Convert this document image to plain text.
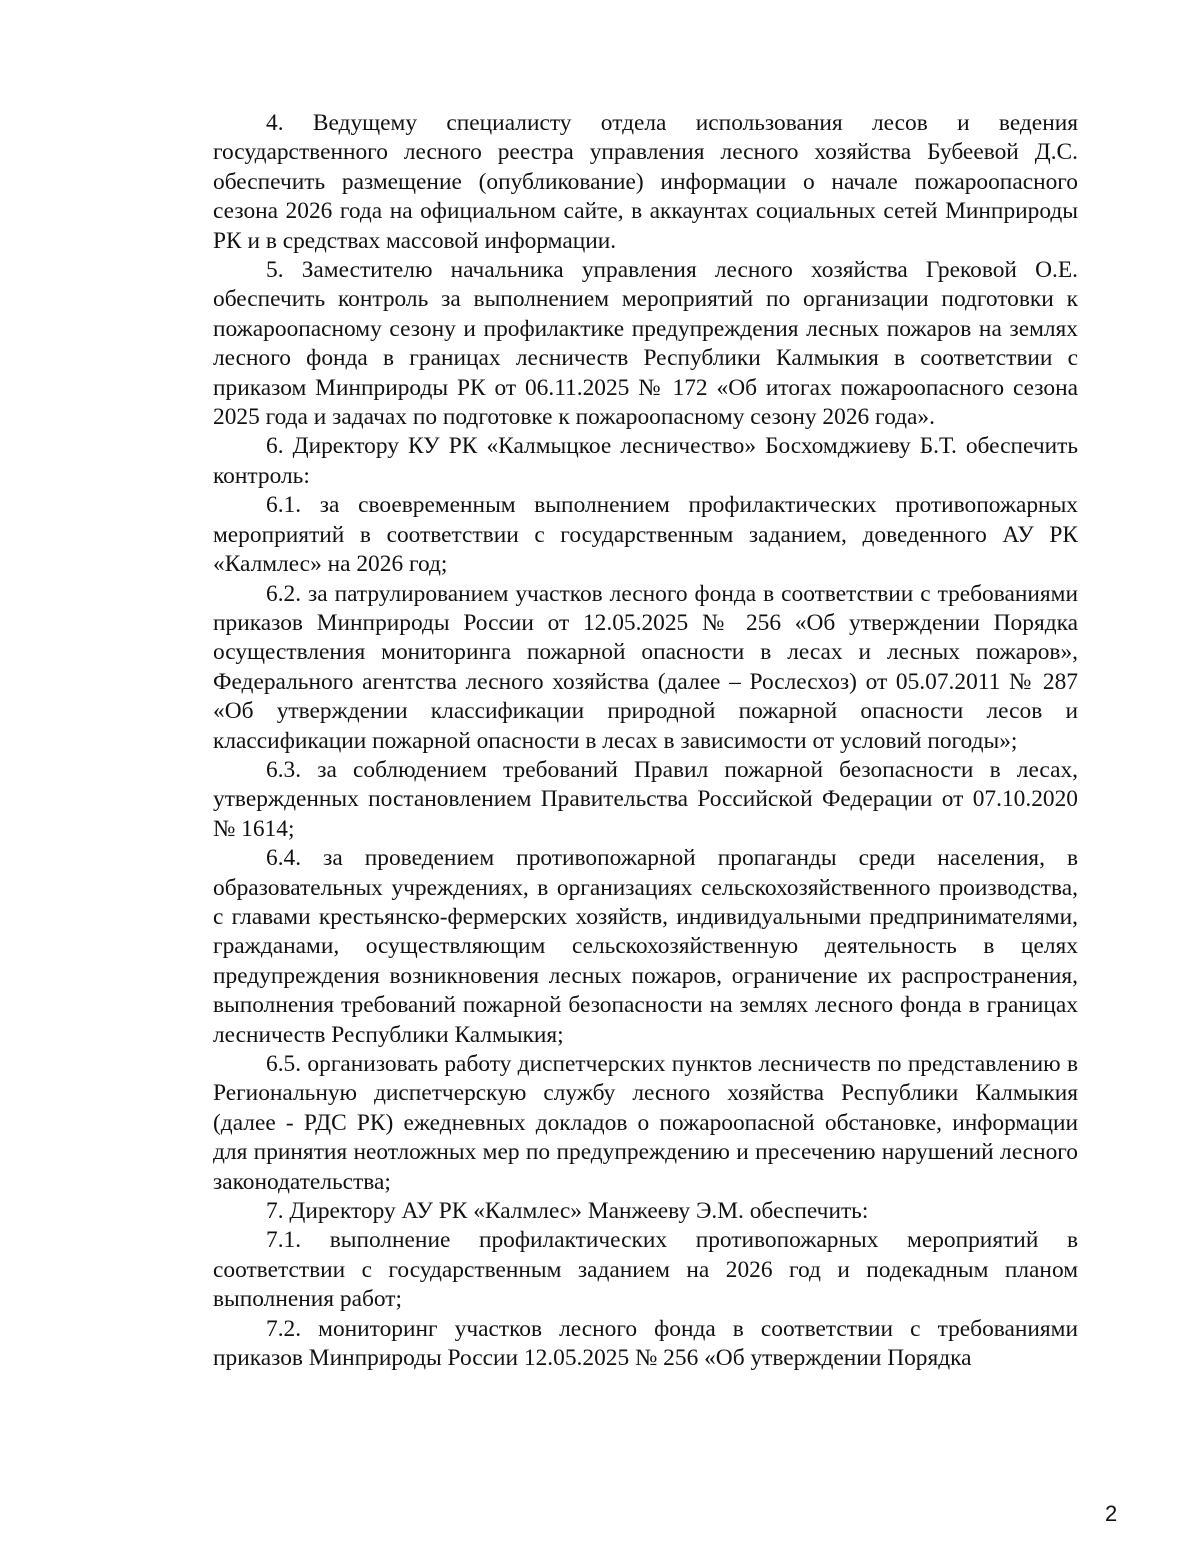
4. Ведущему специалисту отдела использования лесов и ведения государственного лесного реестра управления лесного хозяйства Бубеевой Д.С. обеспечить размещение (опубликование) информации о начале пожароопасного сезона 2026 года на официальном сайте, в аккаунтах социальных сетей Минприроды РК и в средствах массовой информации.

5. Заместителю начальника управления лесного хозяйства Грековой О.Е. обеспечить контроль за выполнением мероприятий по организации подготовки к пожароопасному сезону и профилактике предупреждения лесных пожаров на землях лесного фонда в границах лесничеств Республики Калмыкия в соответствии с приказом Минприроды РК от 06.11.2025 № 172 «Об итогах пожароопасного сезона 2025 года и задачах по подготовке к пожароопасному сезону 2026 года».

6. Директору КУ РК «Калмыцкое лесничество» Босхомджиеву Б.Т. обеспечить контроль:

6.1. за своевременным выполнением профилактических противопожарных мероприятий в соответствии с государственным заданием, доведенного АУ РК «Калмлес» на 2026 год;

6.2. за патрулированием участков лесного фонда в соответствии с требованиями приказов Минприроды России от 12.05.2025 № 256 «Об утверждении Порядка осуществления мониторинга пожарной опасности в лесах и лесных пожаров», Федерального агентства лесного хозяйства (далее – Рослесхоз) от 05.07.2011 № 287 «Об утверждении классификации природной пожарной опасности лесов и классификации пожарной опасности в лесах в зависимости от условий погоды»;

6.3. за соблюдением требований Правил пожарной безопасности в лесах, утвержденных постановлением Правительства Российской Федерации от 07.10.2020 № 1614;

6.4. за проведением противопожарной пропаганды среди населения, в образовательных учреждениях, в организациях сельскохозяйственного производства, с главами крестьянско-фермерских хозяйств, индивидуальными предпринимателями, гражданами, осуществляющим сельскохозяйственную деятельность в целях предупреждения возникновения лесных пожаров, ограничение их распространения, выполнения требований пожарной безопасности на землях лесного фонда в границах лесничеств Республики Калмыкия;

6.5. организовать работу диспетчерских пунктов лесничеств по представлению в Региональную диспетчерскую службу лесного хозяйства Республики Калмыкия (далее - РДС РК) ежедневных докладов о пожароопасной обстановке, информации для принятия неотложных мер по предупреждению и пресечению нарушений лесного законодательства;

7. Директору АУ РК «Калмлес» Манжееву Э.М. обеспечить:

7.1. выполнение профилактических противопожарных мероприятий в соответствии с государственным заданием на 2026 год и подекадным планом выполнения работ;

7.2. мониторинг участков лесного фонда в соответствии с требованиями приказов Минприроды России 12.05.2025 № 256 «Об утверждении Порядка

2
